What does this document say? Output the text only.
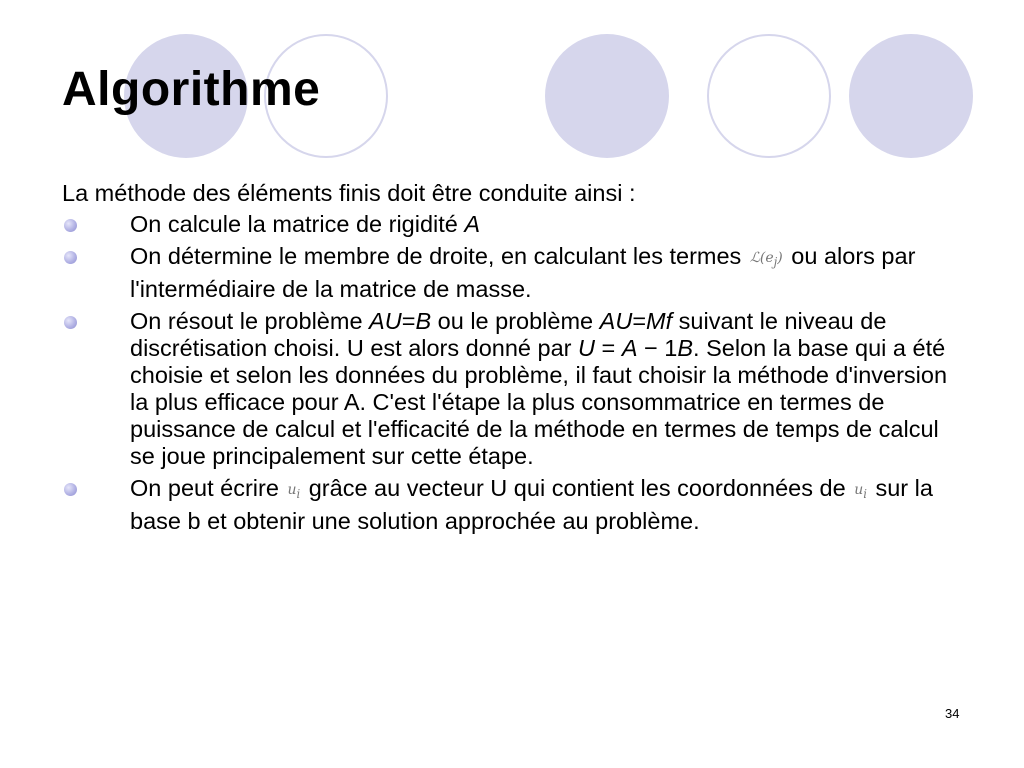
Algorithme

La méthode des éléments finis doit être conduite ainsi :

On calcule la matrice de rigidité A
On détermine le membre de droite, en calculant les termes $ℒ(e_j)$ ou alors par l'intermédiaire de la matrice de masse.
On résout le problème AU=B ou le problème AU=Mf suivant le niveau de discrétisation choisi. U est alors donné par U = A − 1B. Selon la base qui a été choisie et selon les données du problème, il faut choisir la méthode d'inversion la plus efficace pour A. C'est l'étape la plus consommatrice en termes de puissance de calcul et l'efficacité de la méthode en termes de temps de calcul se joue principalement sur cette étape.
On peut écrire $u_i$ grâce au vecteur U qui contient les coordonnées de $u_i$ sur la base b et obtenir une solution approchée au problème.
34
